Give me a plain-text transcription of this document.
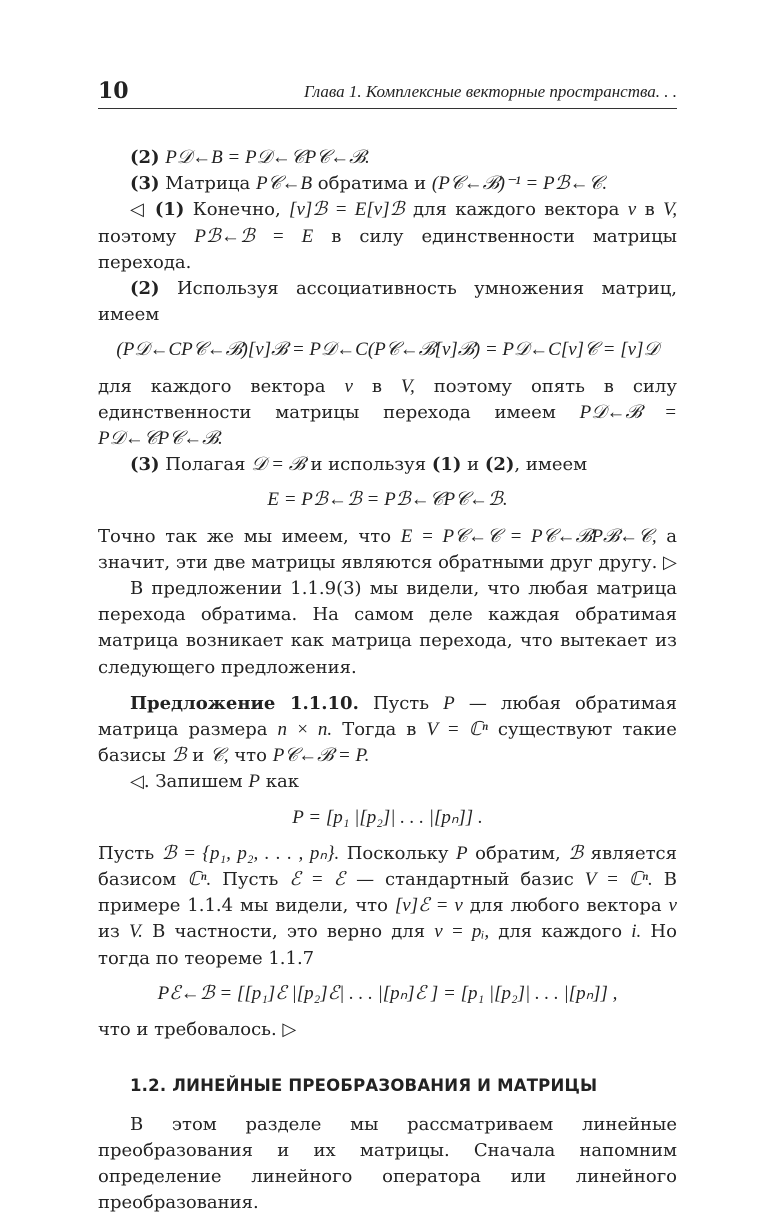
10	Глава 1. Комплексные векторные пространства. . .

(2) P𝒟←B = P𝒟←𝒞P𝒞←ℬ.

(3) Матрица P𝒞←B обратима и (P𝒞←ℬ)⁻¹ = Pℬ←𝒞.

◁ (1) Конечно, [v]ℬ = E[v]ℬ для каждого вектора v в V, поэтому Pℬ←ℬ = E в силу единственности матрицы перехода.

(2) Используя ассоциативность умножения матриц, имеем

(P𝒟←CP𝒞←ℬ)[v]ℬ = P𝒟←C(P𝒞←ℬ[v]ℬ) = P𝒟←C[v]𝒞 = [v]𝒟

для каждого вектора v в V, поэтому опять в силу единственности матрицы перехода имеем P𝒟←ℬ = P𝒟←𝒞P𝒞←ℬ.

(3) Полагая 𝒟 = ℬ и используя (1) и (2), имеем

E = Pℬ←ℬ = Pℬ←𝒞P𝒞←ℬ.

Точно так же мы имеем, что E = P𝒞←𝒞 = P𝒞←ℬPℬ←𝒞, а значит, эти две матрицы являются обратными друг другу. ▷

В предложении 1.1.9(3) мы видели, что любая матрица перехода обратима. На самом деле каждая обратимая матрица возникает как матрица перехода, что вытекает из следующего предложения.

Предложение 1.1.10. Пусть P — любая обратимая матрица размера n × n. Тогда в V = ℂⁿ существуют такие базисы ℬ и 𝒞, что P𝒞←ℬ = P.

◁. Запишем P как

P = [p₁ |[p₂]| . . . |[pₙ]] .

Пусть ℬ = {p₁, p₂, . . . , pₙ}. Поскольку P обратим, ℬ является базисом ℂⁿ. Пусть ℰ = ℰ — стандартный базис V = ℂⁿ. В примере 1.1.4 мы видели, что [v]ℰ = v для любого вектора v из V. В частности, это верно для v = pᵢ, для каждого i. Но тогда по теореме 1.1.7

Pℰ←ℬ = [[p₁]ℰ |[p₂]ℰ| . . . |[pₙ]ℰ ] = [p₁ |[p₂]| . . . |[pₙ]] ,

что и требовалось. ▷

1.2. ЛИНЕЙНЫЕ ПРЕОБРАЗОВАНИЯ И МАТРИЦЫ

В этом разделе мы рассматриваем линейные преобразования и их матрицы. Сначала напомним определение линейного оператора или линейного преобразования.
